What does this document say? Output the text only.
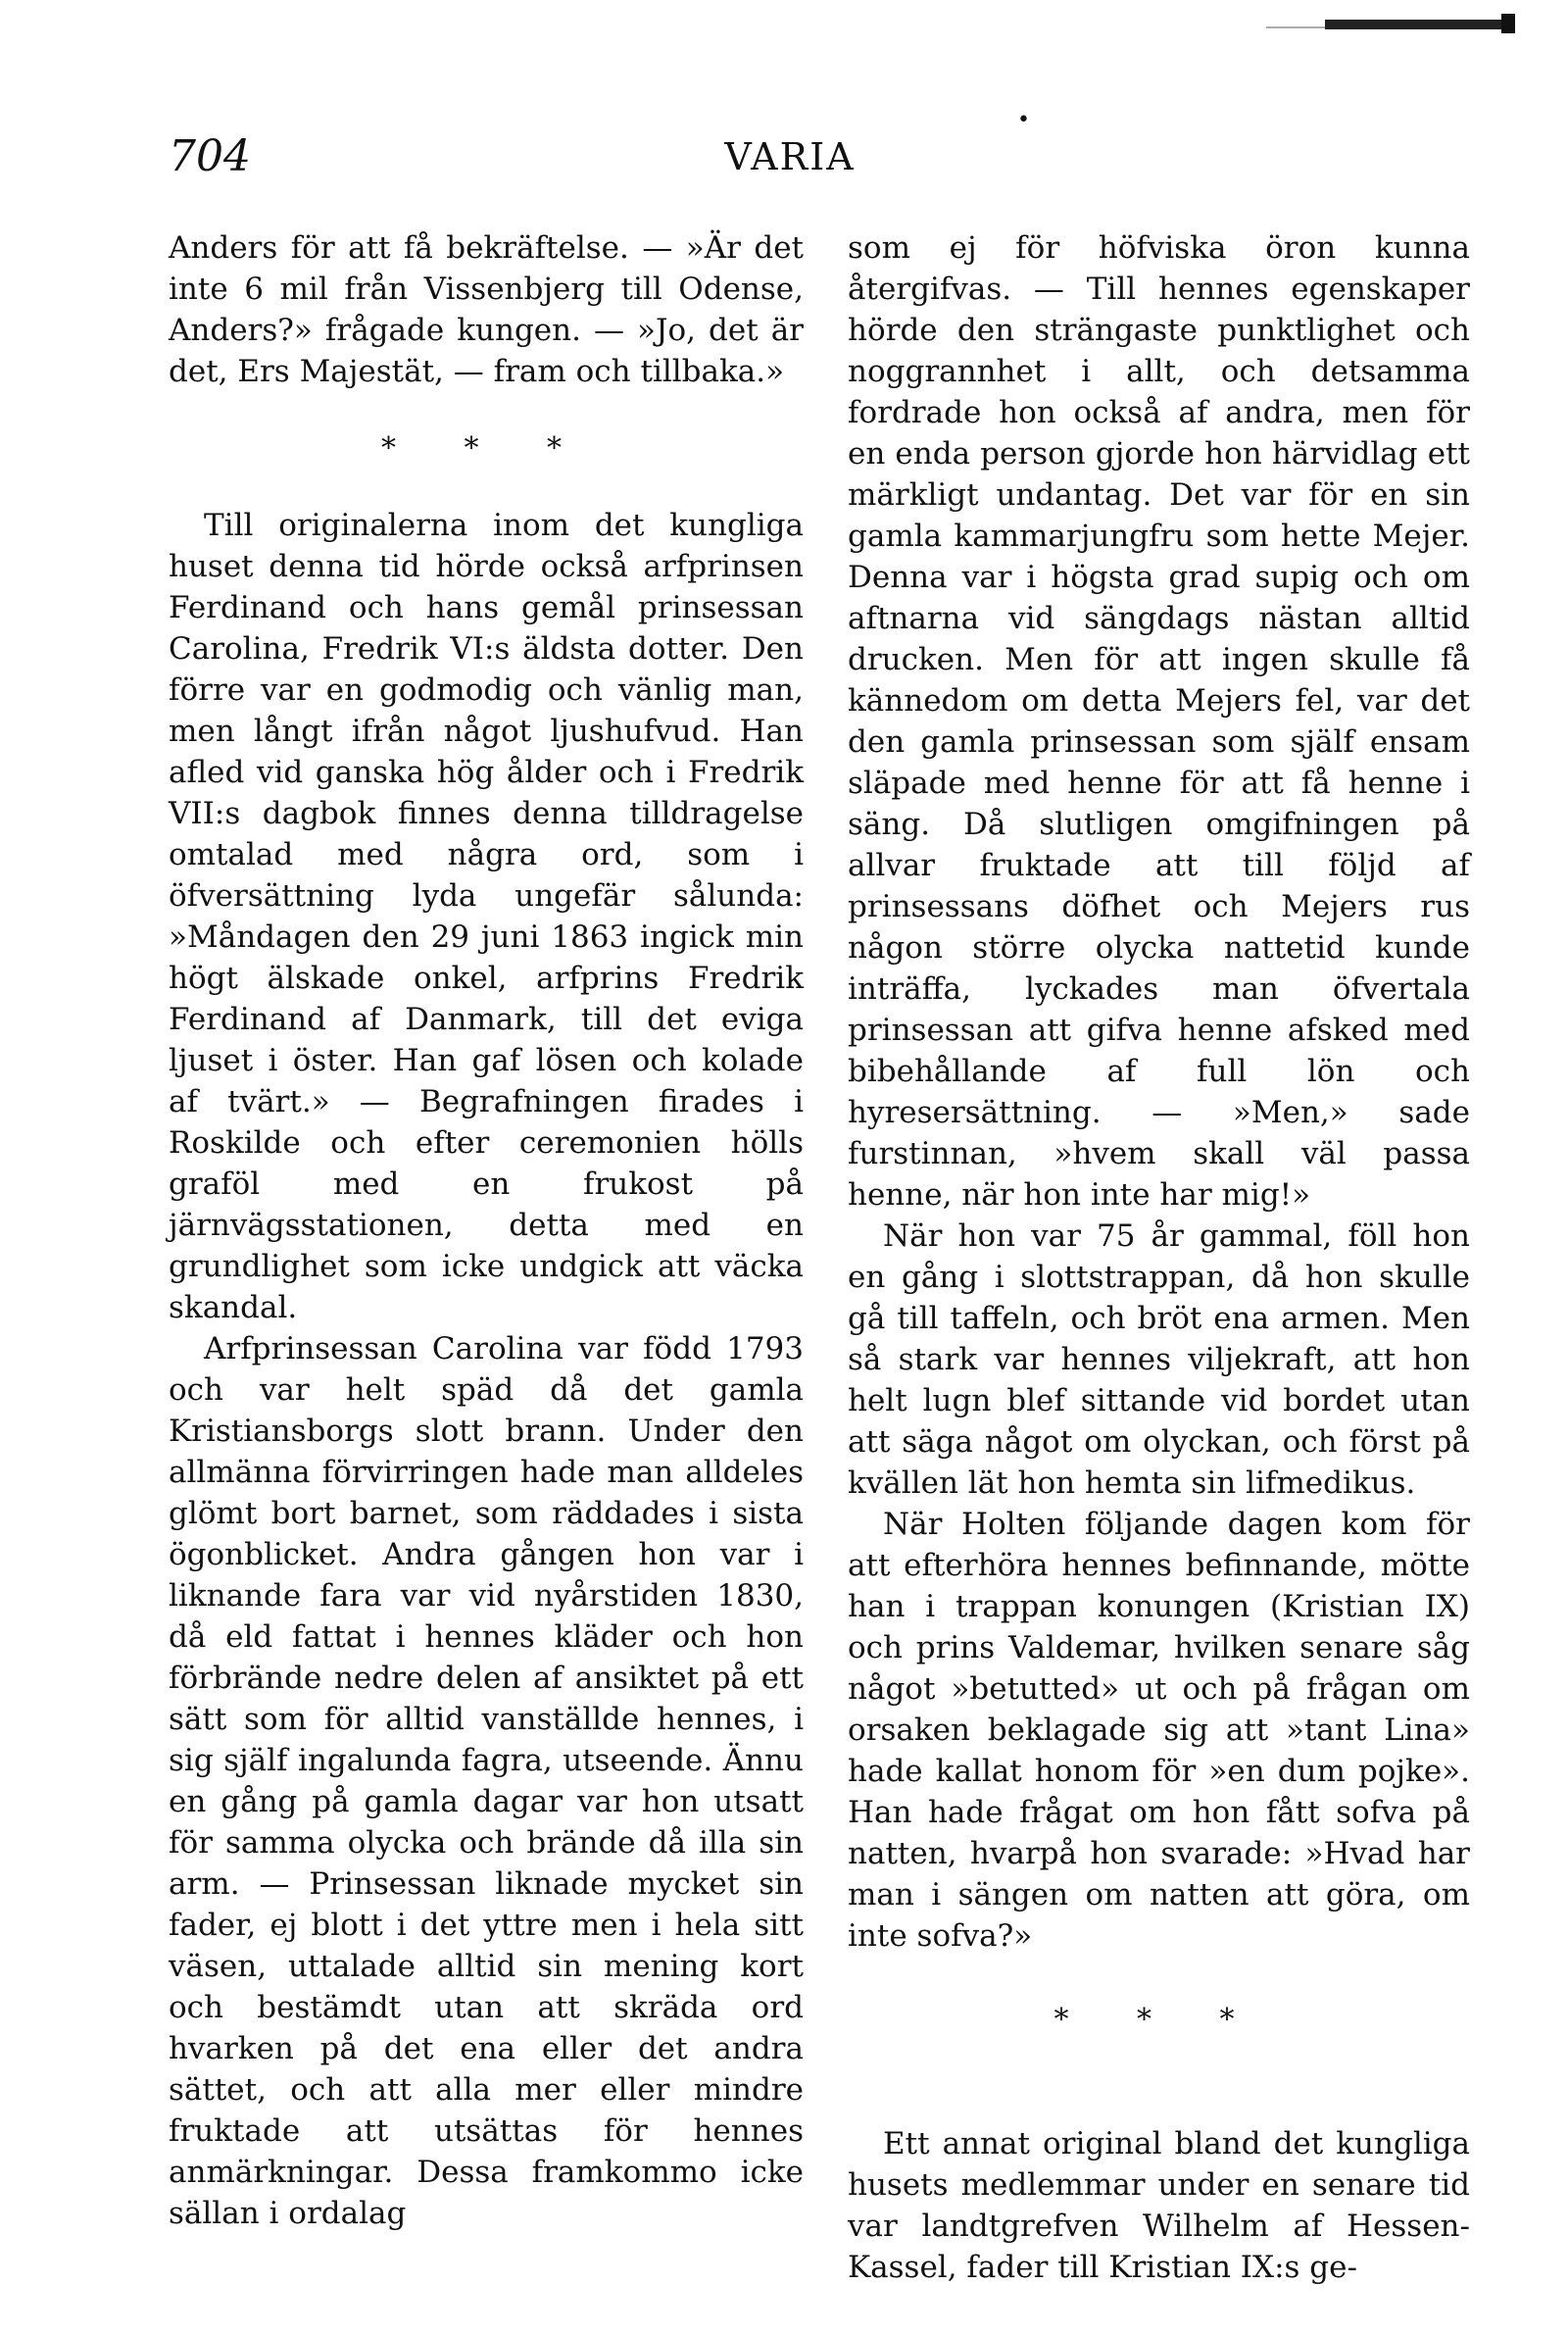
704	VARIA
•

Anders för att få bekräftelse. — »Är det inte 6 mil från Vissenbjerg till Odense, Anders?» frågade kungen. — »Jo, det är det, Ers Majestät, — fram och tillbaka.»

* * *

Till originalerna inom det kungliga huset denna tid hörde också arfprinsen Ferdinand och hans gemål prinsessan Carolina, Fredrik VI:s äldsta dotter. Den förre var en godmodig och vänlig man, men långt ifrån något ljushufvud. Han afled vid ganska hög ålder och i Fredrik VII:s dagbok finnes denna tilldragelse omtalad med några ord, som i öfversättning lyda ungefär sålunda: »Måndagen den 29 juni 1863 ingick min högt älskade onkel, arfprins Fredrik Ferdinand af Danmark, till det eviga ljuset i öster. Han gaf lösen och kolade af tvärt.» — Begrafningen firades i Roskilde och efter ceremonien hölls graföl med en frukost på järnvägsstationen, detta med en grundlighet som icke undgick att väcka skandal.

Arfprinsessan Carolina var född 1793 och var helt späd då det gamla Kristiansborgs slott brann. Under den allmänna förvirringen hade man alldeles glömt bort barnet, som räddades i sista ögonblicket. Andra gången hon var i liknande fara var vid nyårstiden 1830, då eld fattat i hennes kläder och hon förbrände nedre delen af ansiktet på ett sätt som för alltid vanställde hennes, i sig själf ingalunda fagra, utseende. Ännu en gång på gamla dagar var hon utsatt för samma olycka och brände då illa sin arm. — Prinsessan liknade mycket sin fader, ej blott i det yttre men i hela sitt väsen, uttalade alltid sin mening kort och bestämdt utan att skräda ord hvarken på det ena eller det andra sättet, och att alla mer eller mindre fruktade att utsättas för hennes anmärkningar. Dessa framkommo icke sällan i ordalag

som ej för höfviska öron kunna återgifvas. — Till hennes egenskaper hörde den strängaste punktlighet och noggrannhet i allt, och detsamma fordrade hon också af andra, men för en enda person gjorde hon härvidlag ett märkligt undantag. Det var för en sin gamla kammarjungfru som hette Mejer. Denna var i högsta grad supig och om aftnarna vid sängdags nästan alltid drucken. Men för att ingen skulle få kännedom om detta Mejers fel, var det den gamla prinsessan som själf ensam släpade med henne för att få henne i säng. Då slutligen omgifningen på allvar fruktade att till följd af prinsessans döfhet och Mejers rus någon större olycka nattetid kunde inträffa, lyckades man öfvertala prinsessan att gifva henne afsked med bibehållande af full lön och hyresersättning. — »Men,» sade furstinnan, »hvem skall väl passa henne, när hon inte har mig!»

När hon var 75 år gammal, föll hon en gång i slottstrappan, då hon skulle gå till taffeln, och bröt ena armen. Men så stark var hennes viljekraft, att hon helt lugn blef sittande vid bordet utan att säga något om olyckan, och först på kvällen lät hon hemta sin lifmedikus.

När Holten följande dagen kom för att efterhöra hennes befinnande, mötte han i trappan konungen (Kristian IX) och prins Valdemar, hvilken senare såg något »betutted» ut och på frågan om orsaken beklagade sig att »tant Lina» hade kallat honom för »en dum pojke». Han hade frågat om hon fått sofva på natten, hvarpå hon svarade: »Hvad har man i sängen om natten att göra, om inte sofva?»

* * *

Ett annat original bland det kungliga husets medlemmar under en senare tid var landtgrefven Wilhelm af Hessen-Kassel, fader till Kristian IX:s ge-
